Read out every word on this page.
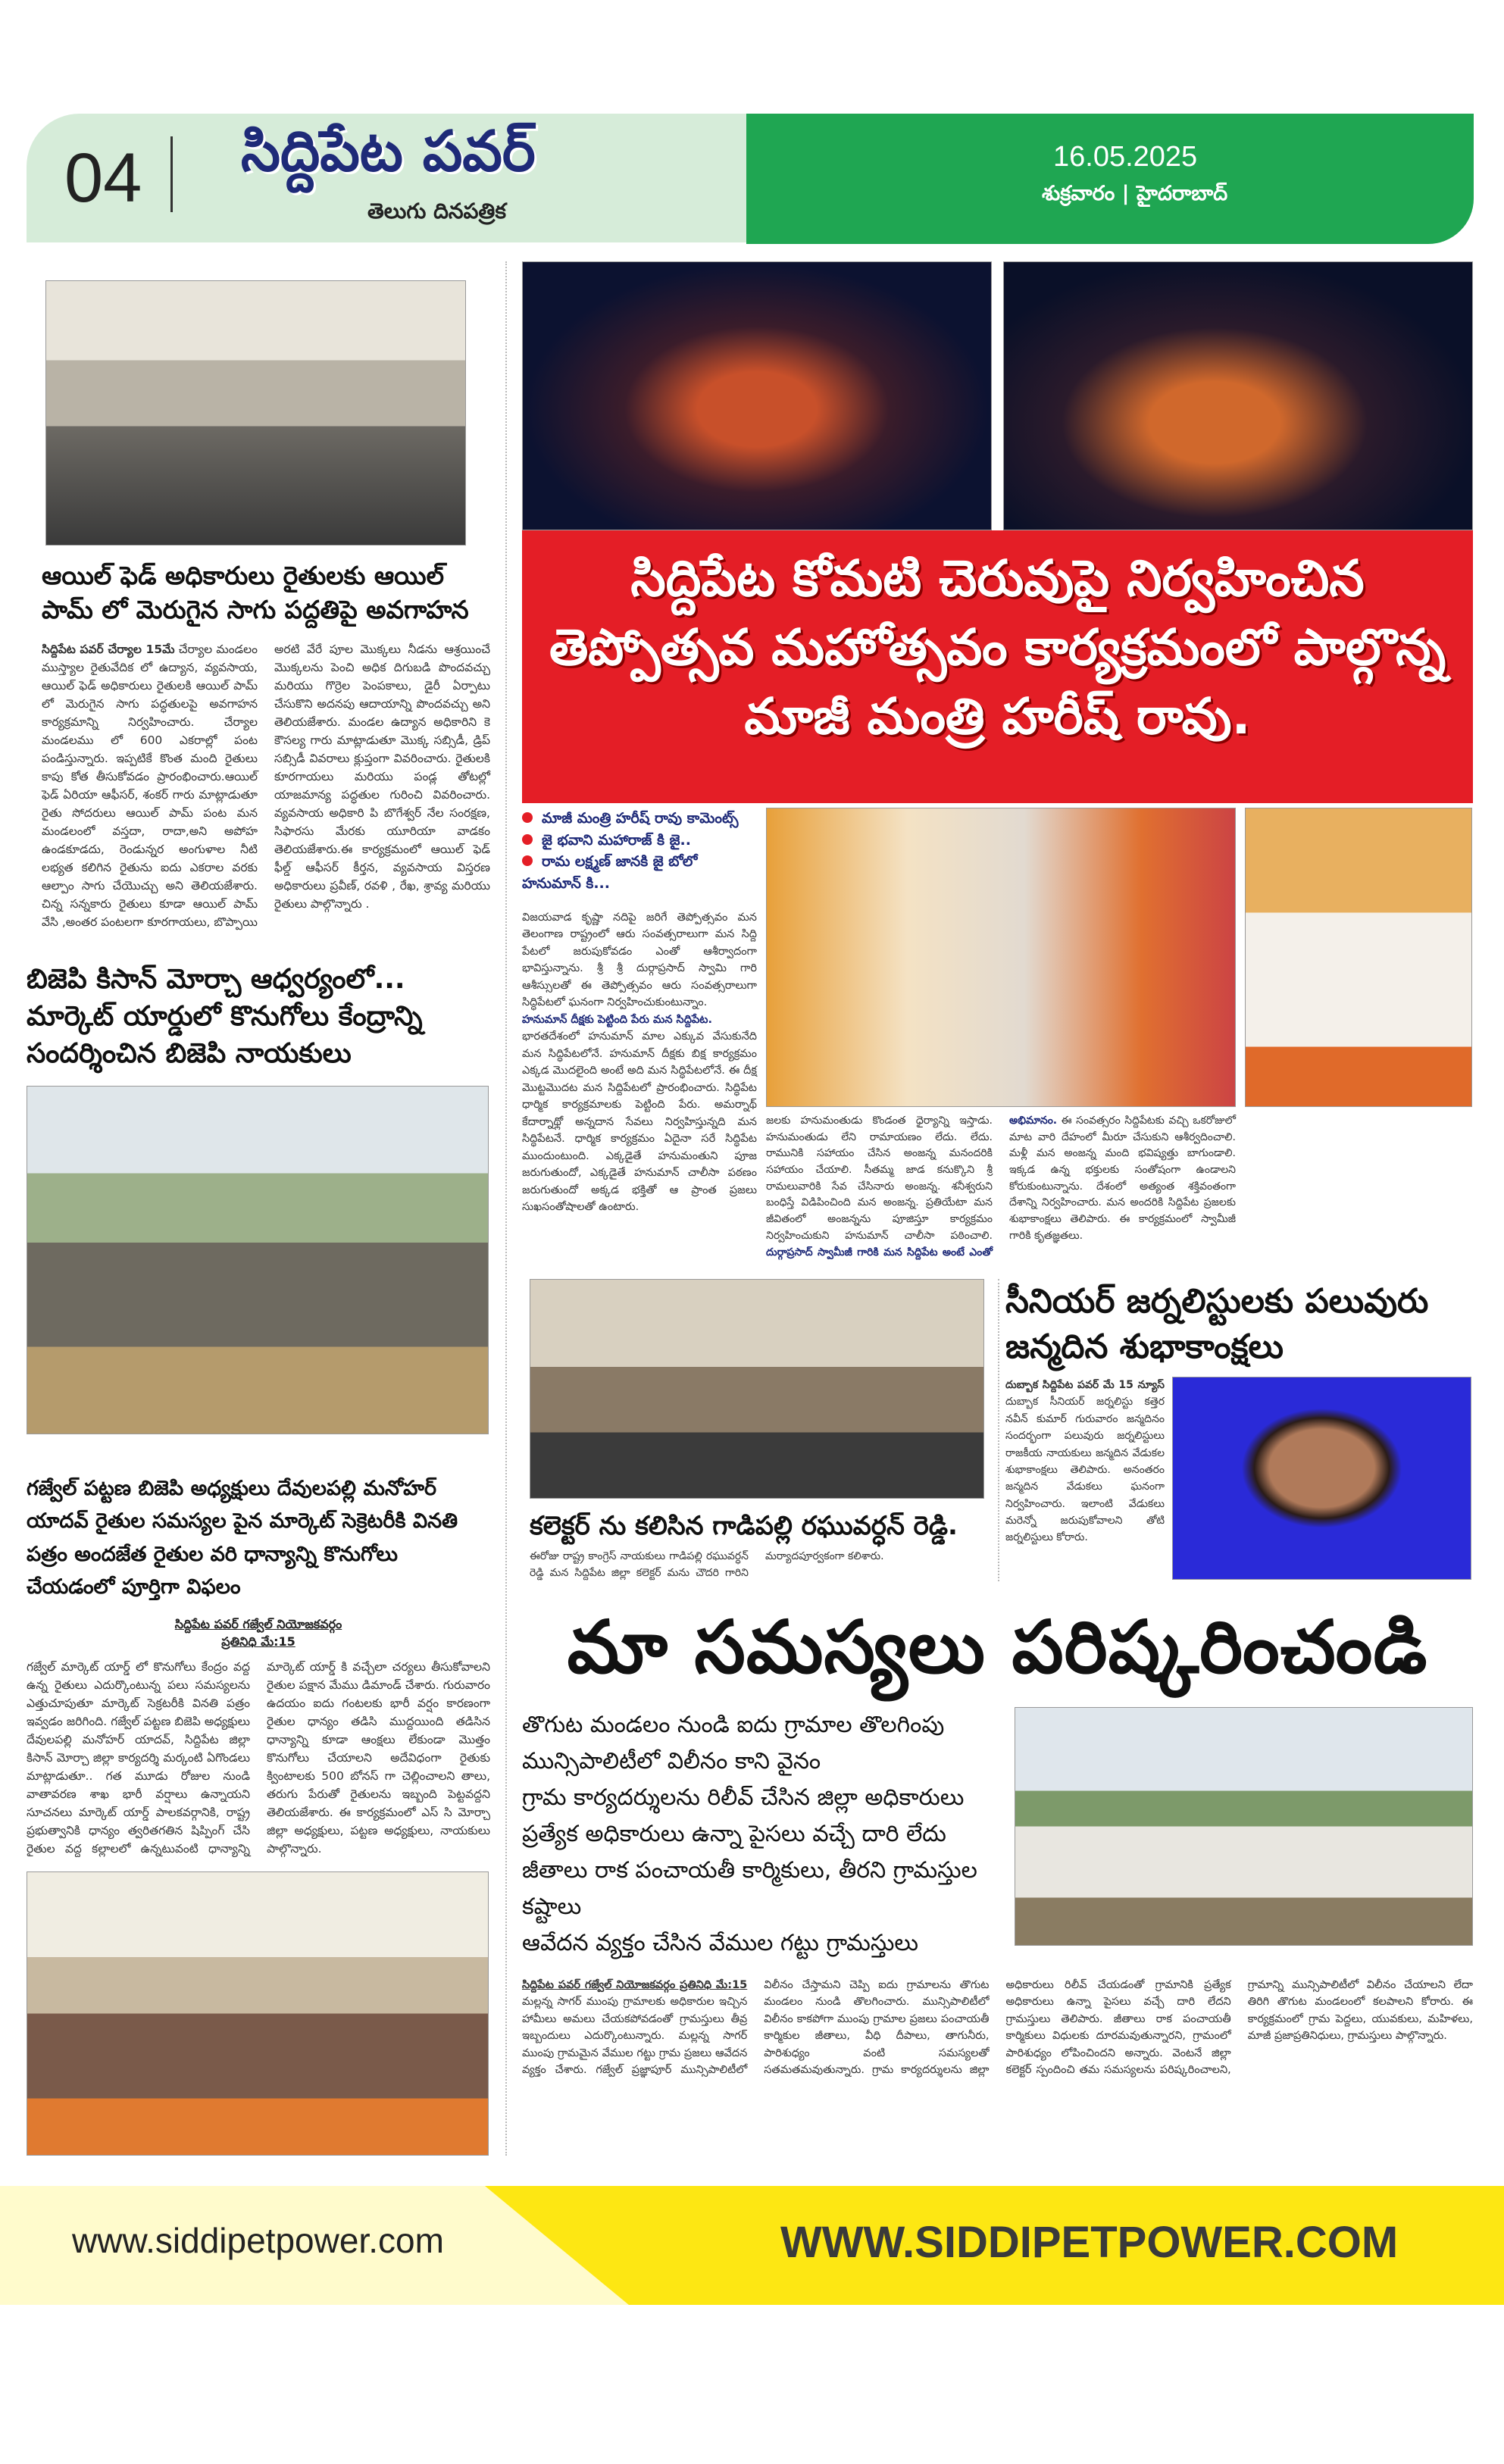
04 సిద్దిపేట పవర్
తెలుగు దినపత్రిక
16.05.2025
శుక్రవారం | హైదరాబాద్
ఆయిల్ ఫెడ్ అధికారులు రైతులకు ఆయిల్ పామ్ లో మెరుగైన సాగు పద్దతిపై అవగాహన
సిద్దిపేట పవర్ చేర్యాల 15మే చేర్యాల మండలం ముస్త్యాల రైతువేదిక లో ఉద్యాన, వ్యవసాయ, ఆయిల్ ఫెడ్ అధికారులు రైతులకి ఆయిల్ పామ్ లో మెరుగైన సాగు పద్ధతులపై అవగాహన కార్యక్రమాన్ని నిర్వహించారు. చేర్యాల మండలము లో 600 ఎకరాల్లో పంట పండిస్తున్నారు. ఇప్పటికే కొంత మంది రైతులు కాపు కోత తీసుకోవడం ప్రారంభించారు.ఆయిల్ ఫెడ్ ఏరియా ఆఫీసర్, శంకర్ గారు మాట్లాడుతూ రైతు సోదరులు ఆయిల్ పామ్ పంట మన మండలంలో వస్తదా, రాదా,అని అపోహ ఉండకూడదు, రెండున్నర అంగుళాల నీటి లభ్యత కలిగిన రైతును ఐదు ఎకరాల వరకు ఆల్పాం సాగు చేయొచ్చు అని తెలియజేశారు. చిన్న సన్నకారు రైతులు కూడా ఆయిల్ పామ్ వేసి ,అంతర పంటలగా కూరగాయలు, బొప్పాయి అరటి వేరే పూల మొక్కలు నీడను ఆశ్రయించే మొక్కలను పెంచి అధిక దిగుబడి పొందవచ్చు మరియు గొర్రెల పెంపకాలు, డైరీ ఏర్పాటు చేసుకొని అదనపు ఆదాయాన్ని పొందవచ్చు అని తెలియజేశారు. మండల ఉద్యాన అధికారిని కె కౌసల్య గారు మాట్లాడుతూ మొక్క సబ్సిడీ, డ్రిప్ సబ్సిడీ వివరాలు క్లుప్తంగా వివరించారు. రైతులకి కూరగాయలు మరియు పండ్ల తోటల్లో యాజమాన్య పద్ధతుల గురించి వివరించారు. వ్యవసాయ అధికారి పి బొగేశ్వర్ నేల సంరక్షణ, సిఫారసు మేరకు యూరియా వాడకం తెలియజేశారు.ఈ కార్యక్రమంలో ఆయిల్ ఫెడ్ ఫీల్డ్ ఆఫీసర్ కీర్తన, వ్యవసాయ విస్తరణ అధికారులు ప్రవీణ్, రవళి , రేఖ, శ్రావ్య మరియు రైతులు పాల్గొన్నారు .
బిజెపి కిసాన్ మోర్చా ఆధ్వర్యంలో... మార్కెట్ యార్డులో కొనుగోలు కేంద్రాన్ని సందర్శించిన బిజెపి నాయకులు
గజ్వేల్ పట్టణ బిజెపి అధ్యక్షులు దేవులపల్లి మనోహర్ యాదవ్ రైతుల సమస్యల పైన మార్కెట్ సెక్రెటరీకి వినతి పత్రం అందజేత రైతుల వరి ధాన్యాన్ని కొనుగోలు చేయడంలో పూర్తిగా విఫలం
సిద్దిపేట పవర్ గజ్వేల్ నియోజకవర్గం
ప్రతినిధి మే:15
గజ్వేల్ మార్కెట్ యార్డ్ లో కొనుగోలు కేంద్రం వద్ద ఉన్న రైతులు ఎదుర్కొంటున్న పలు సమస్యలను ఎత్తుచూపుతూ మార్కెట్ సెక్రటరీకి వినతి పత్రం ఇవ్వడం జరిగింది. గజ్వేల్ పట్టణ బిజెపి అధ్యక్షులు దేవులపల్లి మనోహర్ యాదవ్, సిద్దిపేట జిల్లా కిసాన్ మోర్చా జిల్లా కార్యదర్శి మర్కంటి ఏగొండలు మాట్లాడుతూ.. గత మూడు రోజుల నుండి వాతావరణ శాఖ భారీ వర్షాలు ఉన్నాయని సూచనలు మార్కెట్ యార్డ్ పాలకవర్గానికి, రాష్ట్ర ప్రభుత్వానికి ధాన్యం త్వరితగతిన షిప్పింగ్ చేసి రైతుల వద్ద కల్లాలలో ఉన్నటువంటి ధాన్యాన్ని మార్కెట్ యార్డ్ కి వచ్చేలా చర్యలు తీసుకోవాలని రైతుల పక్షాన మేము డిమాండ్ చేశారు. గురువారం ఉదయం ఐదు గంటలకు భారీ వర్షం కారణంగా రైతుల ధాన్యం తడిసి ముద్దయింది తడిసిన ధాన్యాన్ని కూడా ఆంక్షలు లేకుండా మొత్తం కొనుగోలు చేయాలని అదేవిధంగా రైతుకు క్వింటాలకు 500 బోనస్ గా చెల్లించాలని తాలు, తరుగు పేరుతో రైతులను ఇబ్బంది పెట్టవద్దని తెలియజేశారు. ఈ కార్యక్రమంలో ఎస్ సి మోర్చా జిల్లా అధ్యక్షులు, పట్టణ అధ్యక్షులు, నాయకులు పాల్గొన్నారు.
సిద్దిపేట కోమటి చెరువుపై నిర్వహించిన తెప్పోత్సవ మహోత్సవం కార్యక్రమంలో పాల్గొన్న మాజీ మంత్రి హరీష్ రావు.
మాజీ మంత్రి హరీష్ రావు కామెంట్స్
జై భవాని మహారాజ్ కి జై..
రామ లక్ష్మణ్ జానకి జై బోలో హనుమాన్ కి...

విజయవాడ కృష్ణా నదిపై జరిగే తెప్పోత్సవం మన తెలంగాణ రాష్ట్రంలో ఆరు సంవత్సరాలుగా మన సిద్ది పేటలో జరుపుకోవడం ఎంతో ఆశీర్వాదంగా భావిస్తున్నాను. శ్రీ శ్రీ దుర్గాప్రసాద్ స్వామి గారి ఆశీస్సులతో ఈ తెప్పోత్సవం ఆరు సంవత్సరాలుగా సిద్ధిపేటలో ఘనంగా నిర్వహించుకుంటున్నాం.

హనుమాన్ దీక్షకు పెట్టింది పేరు మన సిద్దిపేట.

భారతదేశంలో హనుమాన్ మాల ఎక్కువ వేసుకునేది మన సిద్ధిపేటలోనే. హనుమాన్ దీక్షకు బిక్ష కార్యక్రమం ఎక్కడ మొదలైంది అంటే అది మన సిద్ధిపేటలోనే. ఈ దీక్ష మొట్టమొదట మన సిద్దిపేటలో ప్రారంభించారు. సిద్ధిపేట ధార్మిక కార్యక్రమాలకు పెట్టింది పేరు. అమర్నాథ్ కేదార్నాథ్లో అన్నదాన సేవలు నిర్వహిస్తున్నది మన సిద్ధిపేటనే. ధార్మిక కార్యక్రమం ఏదైనా సరే సిద్ధిపేట ముందుంటుంది. ఎక్కడైతే హనుమంతుని పూజ జరుగుతుందో, ఎక్కడైతే హనుమాన్ చాలీసా పఠణం జరుగుతుందో అక్కడ భక్తితో ఆ ప్రాంత ప్రజలు సుఖసంతోషాలతో ఉంటారు.

జలకు హనుమంతుడు కొండంత ధైర్యాన్ని ఇస్తాడు. హనుమంతుడు లేని రామాయణం లేదు. లేదు. రామునికి సహాయం చేసిన అంజన్న మనందరికి సహాయం చేయాలి. సీతమ్మ జాడ కనుక్కొని శ్రీ రామలువారికి సేవ చేసినారు అంజన్న. శనీశ్వరుని బంధిస్తే విడిపించింది మన అంజన్న. ప్రతియేటా మన జీవితంలో అంజన్నను పూజిస్తూ కార్యక్రమం నిర్వహించుకుని హనుమాన్ చాలీసా పఠించాలి. దుర్గాప్రసాద్ స్వామీజీ గారికి మన సిద్దిపేట అంటే ఎంతో అభిమానం. ఈ సంవత్సరం సిద్దిపేటకు వచ్చి ఒకరోజులో మాట వారి దేహంలో మీరూ చేసుకుని ఆశీర్వదించాలి. మళ్లీ మన అంజన్న మంది భవిష్యత్తు బాగుండాలి. ఇక్కడ ఉన్న భక్తులకు సంతోషంగా ఉండాలని కోరుకుంటున్నాను. దేశంలో అత్యంత శక్తివంతంగా దేశాన్ని నిర్వహించారు. మన అందరికి సిద్దిపేట ప్రజలకు శుభాకాంక్షలు తెలిపారు. ఈ కార్యక్రమంలో స్వామీజీ గారికి కృతజ్ఞతలు.
కలెక్టర్ ను కలిసిన గాడిపల్లి రఘువర్ధన్ రెడ్డి.
ఈరోజు రాష్ట్ర కాంగ్రెస్ నాయకులు గాడిపల్లి రఘువర్ధన్ రెడ్డి మన సిద్దిపేట జిల్లా కలెక్టర్ మను చౌదరి గారిని మర్యాదపూర్వకంగా కలిశారు.
సీనియర్ జర్నలిస్టులకు పలువురు జన్మదిన శుభాకాంక్షలు
దుబ్బాక సిద్దిపేట పవర్ మే 15 న్యూస్ దుబ్బాక సీనియర్ జర్నలిస్టు కత్తెర నవీన్ కుమార్ గురువారం జన్మదినం సందర్భంగా పలువురు జర్నలిస్టులు రాజకీయ నాయకులు జన్మదిన వేడుకల శుభాకాంక్షలు తెలిపారు. అనంతరం జన్మదిన వేడుకలు ఘనంగా నిర్వహించారు. ఇలాంటి వేడుకలు మరెన్నో జరుపుకోవాలని తోటి జర్నలిస్టులు కోరారు.
మా సమస్యలు పరిష్కరించండి
తొగుట మండలం నుండి ఐదు గ్రామాల తొలగింపు
మున్సిపాలిటీలో విలీనం కాని వైనం
గ్రామ కార్యదర్శులను రిలీవ్ చేసిన జిల్లా అధికారులు
ప్రత్యేక అధికారులు ఉన్నా పైసలు వచ్చే దారి లేదు
జీతాలు రాక పంచాయతీ కార్మికులు, తీరని గ్రామస్తుల కష్టాలు
ఆవేదన వ్యక్తం చేసిన వేముల గట్టు గ్రామస్తులు
సిద్దిపేట పవర్ గజ్వేల్ నియోజకవర్గం ప్రతినిధి మే:15 మల్లన్న సాగర్ ముంపు గ్రామాలకు అధికారుల ఇచ్చిన హామీలు అమలు చేయకపోవడంతో గ్రామస్తులు తీవ్ర ఇబ్బందులు ఎదుర్కొంటున్నారు. మల్లన్న సాగర్ ముంపు గ్రామమైన వేముల గట్టు గ్రామ ప్రజలు ఆవేదన వ్యక్తం చేశారు. గజ్వేల్ ప్రజ్ఞాపూర్ మున్సిపాలిటీలో విలీనం చేస్తామని చెప్పి ఐదు గ్రామాలను తొగుట మండలం నుండి తొలగించారు. మున్సిపాలిటీలో విలీనం కాకపోగా ముంపు గ్రామాల ప్రజలు పంచాయతీ కార్మికుల జీతాలు, వీధి దీపాలు, తాగునీరు, పారిశుధ్యం వంటి సమస్యలతో సతమతమవుతున్నారు. గ్రామ కార్యదర్శులను జిల్లా అధికారులు రిలీవ్ చేయడంతో గ్రామానికి ప్రత్యేక అధికారులు ఉన్నా పైసలు వచ్చే దారి లేదని గ్రామస్తులు తెలిపారు. జీతాలు రాక పంచాయతీ కార్మికులు విధులకు దూరమవుతున్నారని, గ్రామంలో పారిశుధ్యం లోపించిందని అన్నారు. వెంటనే జిల్లా కలెక్టర్ స్పందించి తమ సమస్యలను పరిష్కరించాలని, గ్రామాన్ని మున్సిపాలిటీలో విలీనం చేయాలని లేదా తిరిగి తొగుట మండలంలో కలపాలని కోరారు. ఈ కార్యక్రమంలో గ్రామ పెద్దలు, యువకులు, మహిళలు, మాజీ ప్రజాప్రతినిధులు, గ్రామస్తులు పాల్గొన్నారు.
www.siddipetpower.com	WWW.SIDDIPETPOWER.COM
